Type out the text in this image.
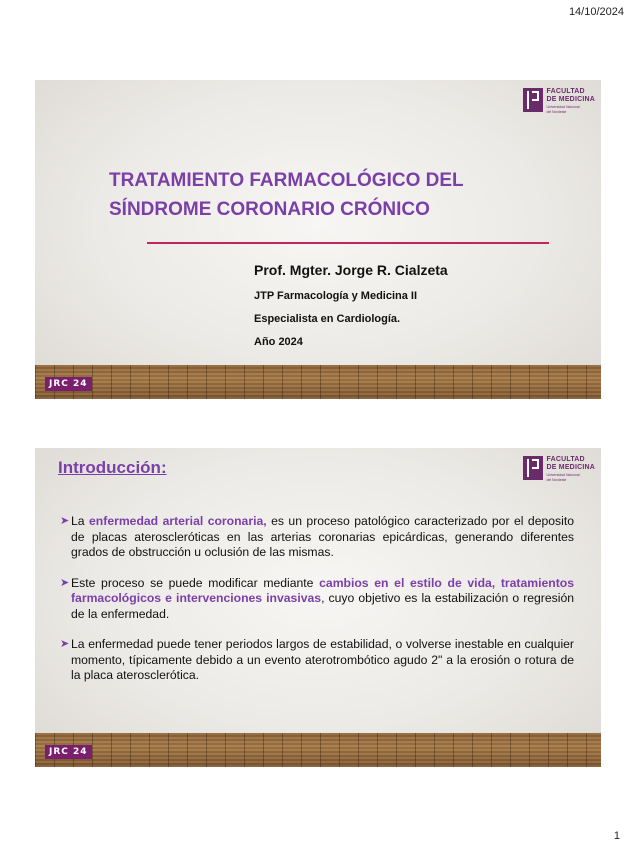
14/10/2024
FACULTAD
DE MEDICINA
Universidad Nacional
del Nordeste
TRATAMIENTO FARMACOLÓGICO DEL SÍNDROME CORONARIO CRÓNICO
Prof. Mgter. Jorge R. Cialzeta
JTP Farmacología y Medicina II
Especialista en Cardiología.
Año 2024
JRC 24
Introducción:	FACULTAD
DE MEDICINA
Universidad Nacional
del Nordeste
➤ La enfermedad arterial coronaria, es un proceso patológico caracterizado por el deposito de placas ateroscleróticas en las arterias coronarias epicárdicas, generando diferentes grados de obstrucción u oclusión de las mismas.
➤ Este proceso se puede modificar mediante cambios en el estilo de vida, tratamientos farmacológicos e intervenciones invasivas, cuyo objetivo es la estabilización o regresión de la enfermedad.
➤ La enfermedad puede tener periodos largos de estabilidad, o volverse inestable en cualquier momento, típicamente debido a un evento aterotrombótico agudo 2" a la erosión o rotura de la placa aterosclerótica.
JRC 24
1
